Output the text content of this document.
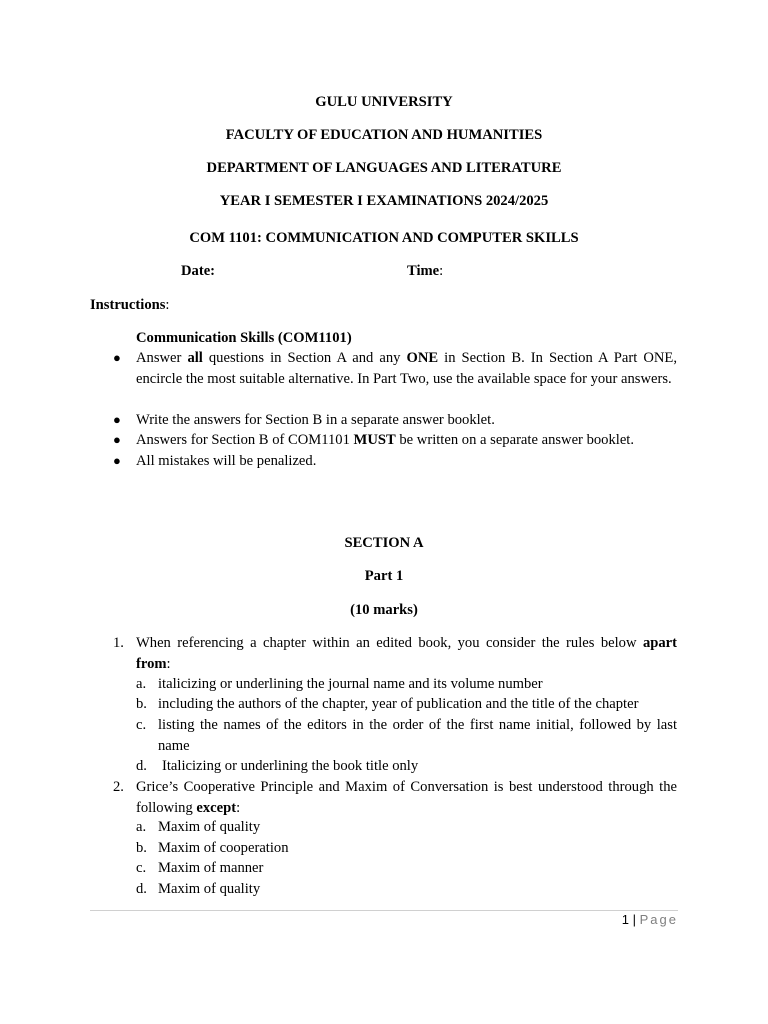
GULU UNIVERSITY
FACULTY OF EDUCATION AND HUMANITIES
DEPARTMENT OF LANGUAGES AND LITERATURE
YEAR I SEMESTER I EXAMINATIONS 2024/2025
COM 1101: COMMUNICATION AND COMPUTER SKILLS
Date:	Time:
Instructions:
Communication Skills (COM1101)
● Answer all questions in Section A and any ONE in Section B. In Section A Part ONE, encircle the most suitable alternative. In Part Two, use the available space for your answers.
● Write the answers for Section B in a separate answer booklet.
● Answers for Section B of COM1101 MUST be written on a separate answer booklet.
● All mistakes will be penalized.
SECTION A
Part 1
(10 marks)
1. When referencing a chapter within an edited book, you consider the rules below apart from:
a. italicizing or underlining the journal name and its volume number
b. including the authors of the chapter, year of publication and the title of the chapter
c. listing the names of the editors in the order of the first name initial, followed by last name
d. Italicizing or underlining the book title only
2. Grice’s Cooperative Principle and Maxim of Conversation is best understood through the following except:
a. Maxim of quality
b. Maxim of cooperation
c. Maxim of manner
d. Maxim of quality
1 | Page
